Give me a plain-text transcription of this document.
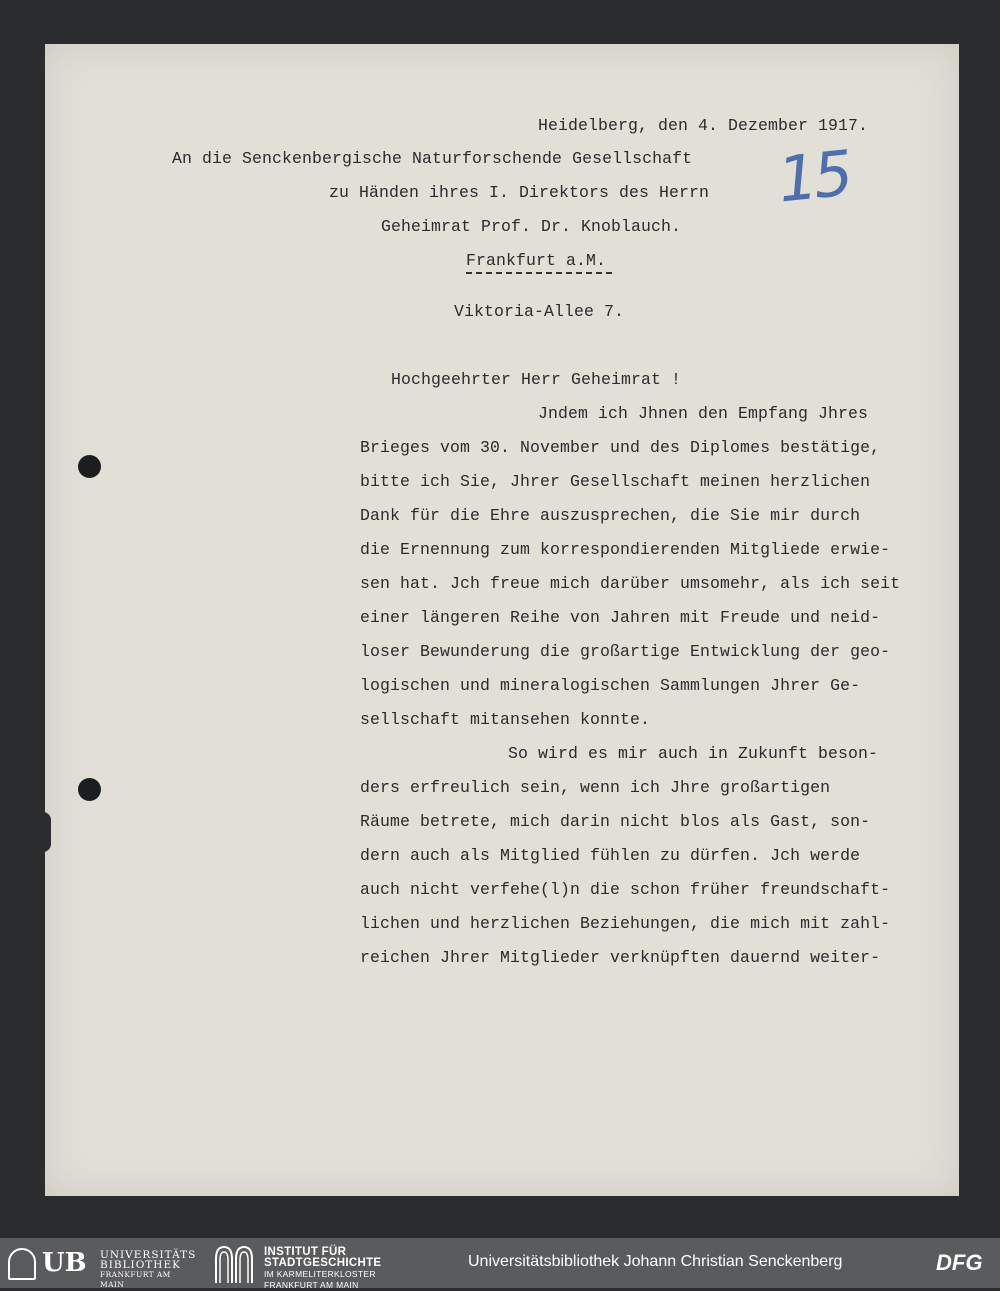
Heidelberg, den 4. Dezember 1917.
An die Senckenbergische Naturforschende Gesellschaft
zu Händen ihres I. Direktors des Herrn
Geheimrat Prof. Dr. Knoblauch.
Frankfurt a.M.
Viktoria-Allee 7.
15
Hochgeehrter Herr Geheimrat !
Jndem ich Jhnen den Empfang Jhres
Brieges vom 30. November und des Diplomes bestätige,
bitte ich Sie, Jhrer Gesellschaft meinen herzlichen
Dank für die Ehre auszusprechen, die Sie mir durch
die Ernennung zum korrespondierenden Mitgliede erwie-
sen hat. Jch freue mich darüber umsomehr, als ich seit
einer längeren Reihe von Jahren mit Freude und neid-
loser Bewunderung die großartige Entwicklung der geo-
logischen und mineralogischen Sammlungen Jhrer Ge-
sellschaft mitansehen konnte.
So wird es mir auch in Zukunft beson-
ders erfreulich sein, wenn ich Jhre großartigen
Räume betrete, mich darin nicht blos als Gast, son-
dern auch als Mitglied fühlen zu dürfen. Jch werde
auch nicht verfehe(l)n die schon früher freundschaft-
lichen und herzlichen Beziehungen, die mich mit zahl-
reichen Jhrer Mitglieder verknüpften dauernd weiter-
UB UNIVERSITÄTS
BIBLIOTHEK
FRANKFURT AM MAIN
INSTITUT FÜR
STADTGESCHICHTE
IM KARMELITERKLOSTER
FRANKFURT AM MAIN
Universitätsbibliothek Johann Christian Senckenberg	DFG
